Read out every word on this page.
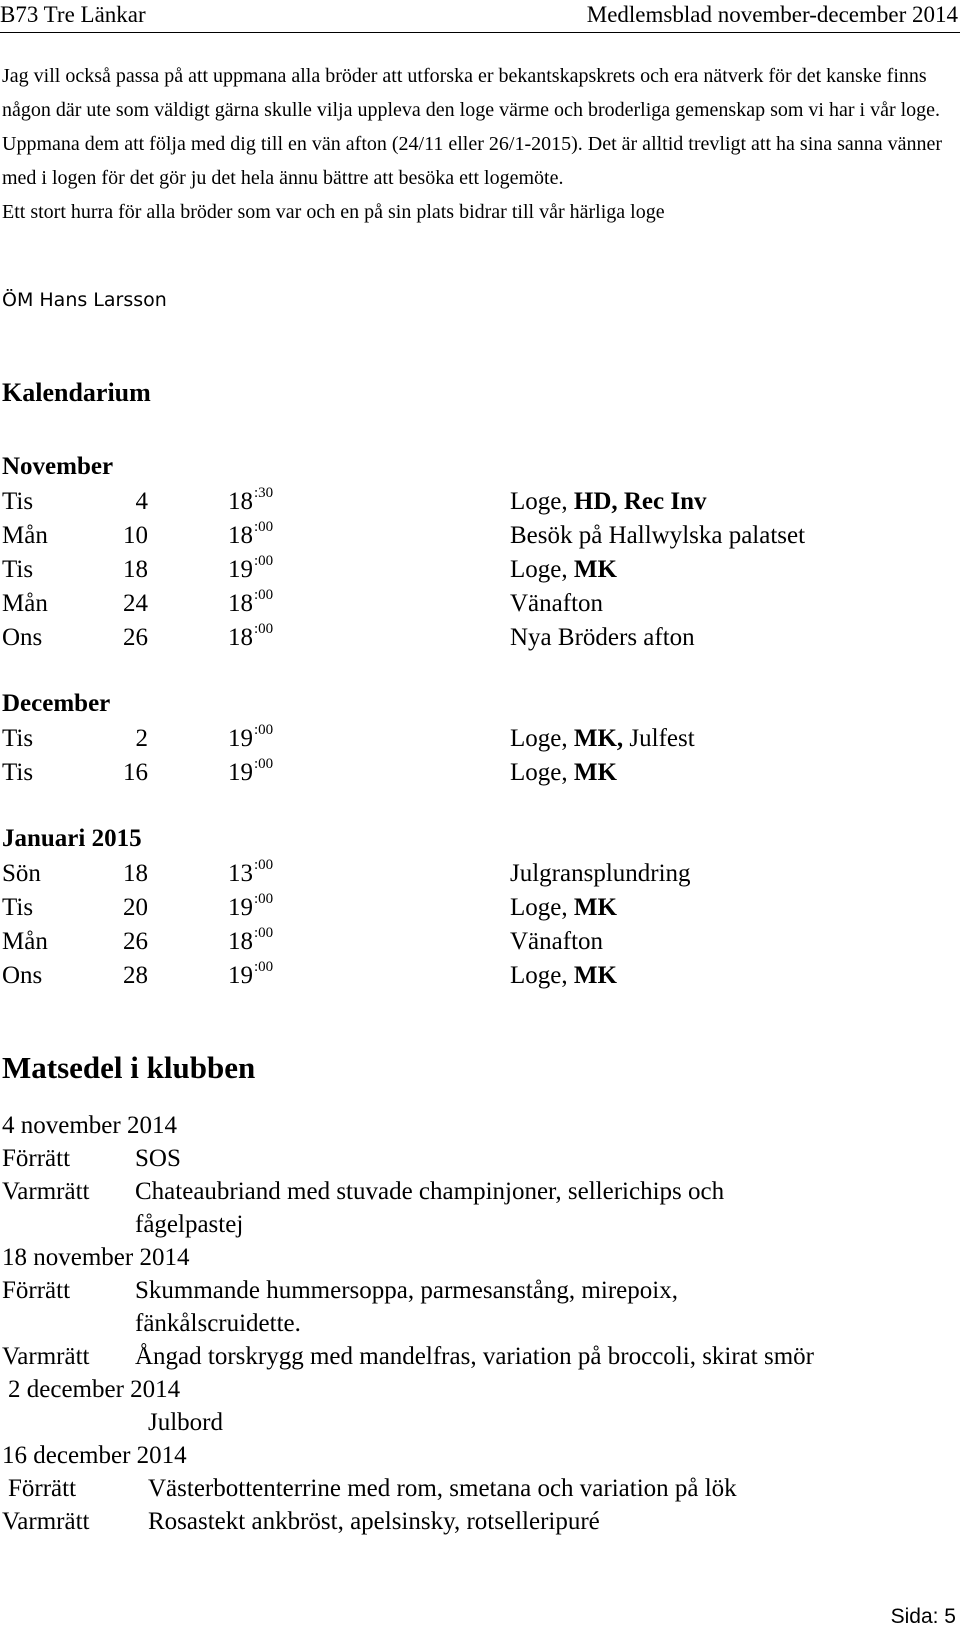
B73 Tre Länkar	Medlemsblad november-december 2014
Jag vill också passa på att uppmana alla bröder att utforska er bekantskapskrets och era nätverk för det kanske finns någon där ute som väldigt gärna skulle vilja uppleva den loge värme och broderliga gemenskap som vi har i vår loge. Uppmana dem att följa med dig till en vän afton (24/11 eller 26/1-2015). Det är alltid trevligt att ha sina sanna vänner med i logen för det gör ju det hela ännu bättre att besöka ett logemöte.
Ett stort hurra för alla bröder som var och en på sin plats bidrar till vår härliga loge
ÖM Hans Larsson
Kalendarium
November
Tis	4	$18^{:30}$	Loge, HD, Rec Inv
Mån	10	$18^{:00}$	Besök på Hallwylska palatset
Tis	18	$19^{:00}$	Loge, MK
Mån	24	$18^{:00}$	Vänafton
Ons	26	$18^{:00}$	Nya Bröders afton
December
Tis	2	$19^{:00}$	Loge, MK, Julfest
Tis	16	$19^{:00}$	Loge, MK
Januari 2015
Sön	18	$13^{:00}$	Julgransplundring
Tis	20	$19^{:00}$	Loge, MK
Mån	26	$18^{:00}$	Vänafton
Ons	28	$19^{:00}$	Loge, MK
Matsedel i klubben
4 november 2014
Förrätt	SOS
Varmrätt Chateaubriand med stuvade champinjoner, sellerichips och
fågelpastej
18 november 2014
Förrätt	Skummande hummersoppa, parmesanstång, mirepoix,
fänkålscruidette.
Varmrätt Ångad torskrygg med mandelfras, variation på broccoli, skirat smör
2 december 2014
Julbord
16 december 2014
Förrätt	Västerbottenterrine med rom, smetana och variation på lök
Varmrätt Rosastekt ankbröst, apelsinsky, rotselleripuré
Sida: 5
